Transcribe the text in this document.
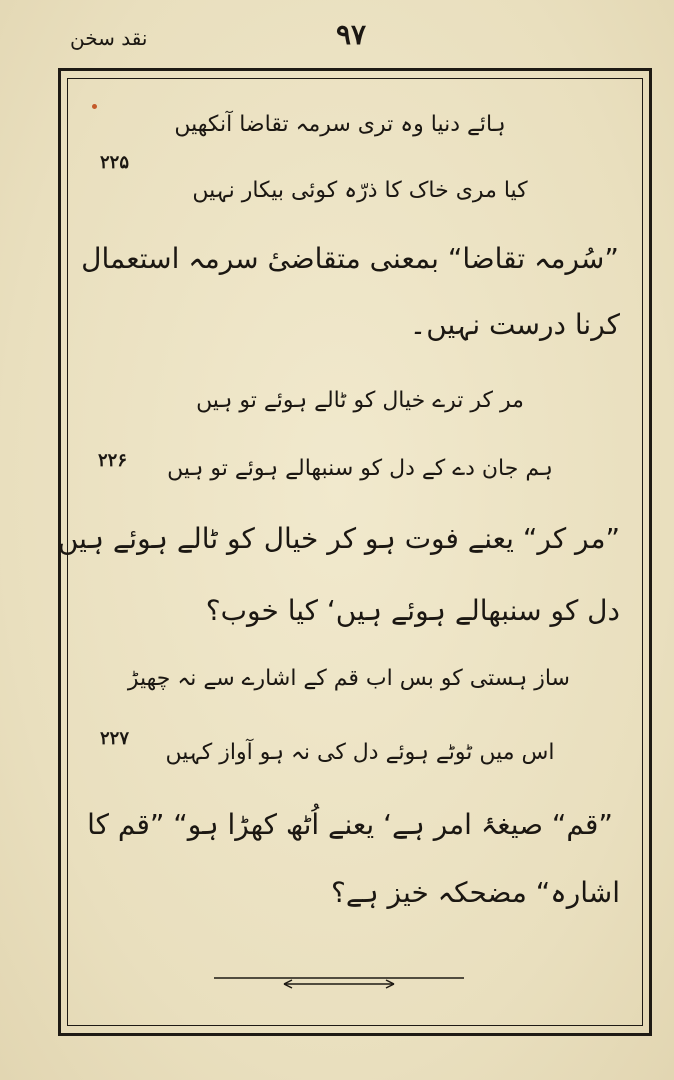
نقد سخن	۹۷
۲۲۵
ہائے دنیا وہ تری سرمہ تقاضا آنکھیں
کیا مری خاک کا ذرّہ کوئی بیکار نہیں
”سُرمہ تقاضا“ بمعنی متقاضیٔ سرمہ استعمال
کرنا درست نہیں۔
۲۲۶
مر کر ترے خیال کو ٹالے ہوئے تو ہیں
ہم جان دے کے دل کو سنبھالے ہوئے تو ہیں
”مر کر“ یعنے فوت ہو کر خیال کو ٹالے ہوئے ہیں
دل کو سنبھالے ہوئے ہیں‘ کیا خوب؟
۲۲۷
ساز ہستی کو بس اب قم کے اشارے سے نہ چھیڑ
اس میں ٹوٹے ہوئے دل کی نہ ہو آواز کہیں
”قم“ صیغۂ امر ہے‘ یعنے اُٹھ کھڑا ہو“ ”قم کا
اشارہ“ مضحکہ خیز ہے؟
